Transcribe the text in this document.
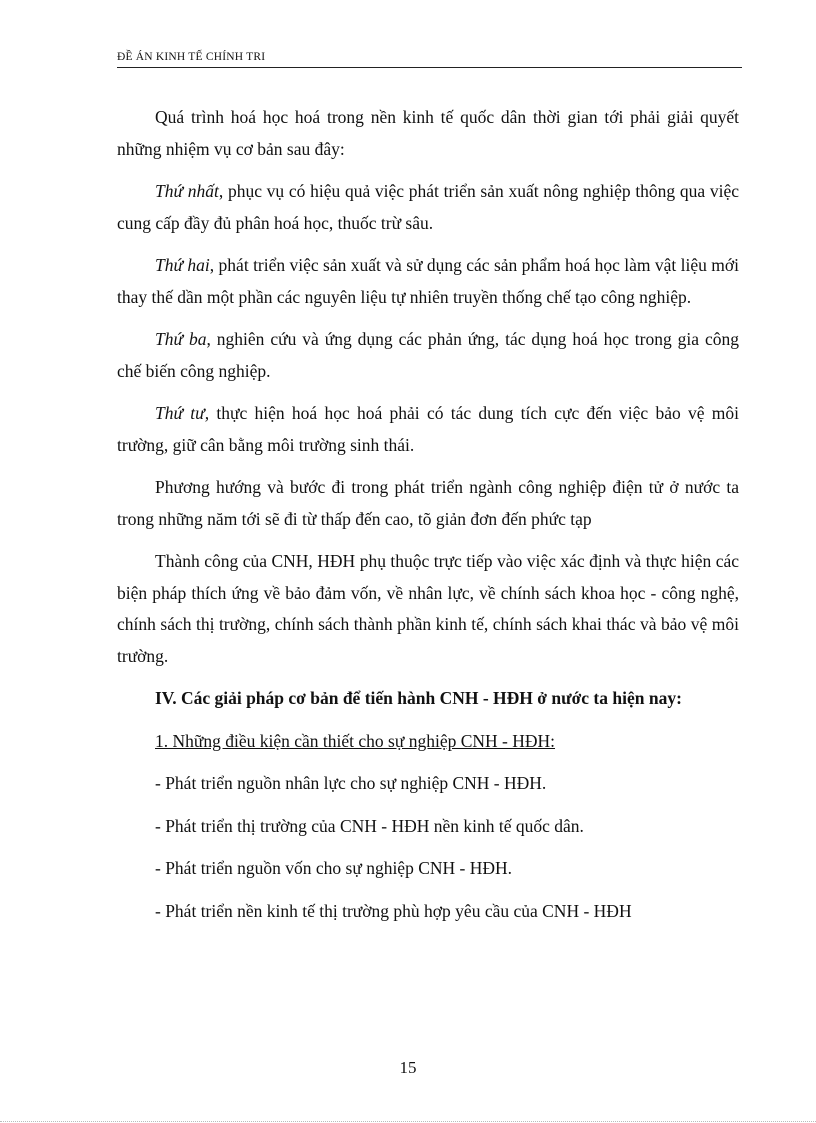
ĐỀ ÁN KINH TẾ CHÍNH TRI

Quá trình hoá học hoá trong nền kinh tế quốc dân thời gian tới phải giải quyết những nhiệm vụ cơ bản sau đây:

Thứ nhất, phục vụ có hiệu quả việc phát triển sản xuất nông nghiệp thông qua việc cung cấp đầy đủ phân hoá học, thuốc trừ sâu.

Thứ hai, phát triển việc sản xuất và sử dụng các sản phẩm hoá học làm vật liệu mới thay thế dần một phần các nguyên liệu tự nhiên truyền thống chế tạo công nghiệp.

Thứ ba, nghiên cứu và ứng dụng các phản ứng, tác dụng hoá học trong gia công chế biến công nghiệp.

Thứ tư, thực hiện hoá học hoá phải có tác dung tích cực đến việc bảo vệ môi trường, giữ cân bằng môi trường sinh thái.

Phương hướng và bước đi trong phát triển ngành công nghiệp điện tử ở nước ta trong những năm tới sẽ đi từ thấp đến cao, tõ giản đơn đến phức tạp

Thành công của CNH, HĐH phụ thuộc trực tiếp vào việc xác định và thực hiện các biện pháp thích ứng về bảo đảm vốn, về nhân lực, về chính sách khoa học - công nghệ, chính sách thị trường, chính sách thành phần kinh tế, chính sách khai thác và bảo vệ môi trường.

IV. Các giải pháp cơ bản để tiến hành CNH - HĐH ở nước ta hiện nay:

1. Những điều kiện cần thiết cho sự nghiệp CNH - HĐH:

- Phát triển nguồn nhân lực cho sự nghiệp CNH - HĐH.

- Phát triển thị trường của CNH - HĐH nền kinh tế quốc dân.

- Phát triển nguồn vốn cho sự nghiệp CNH - HĐH.

- Phát triển nền kinh tế thị trường phù hợp yêu cầu của CNH - HĐH

15
